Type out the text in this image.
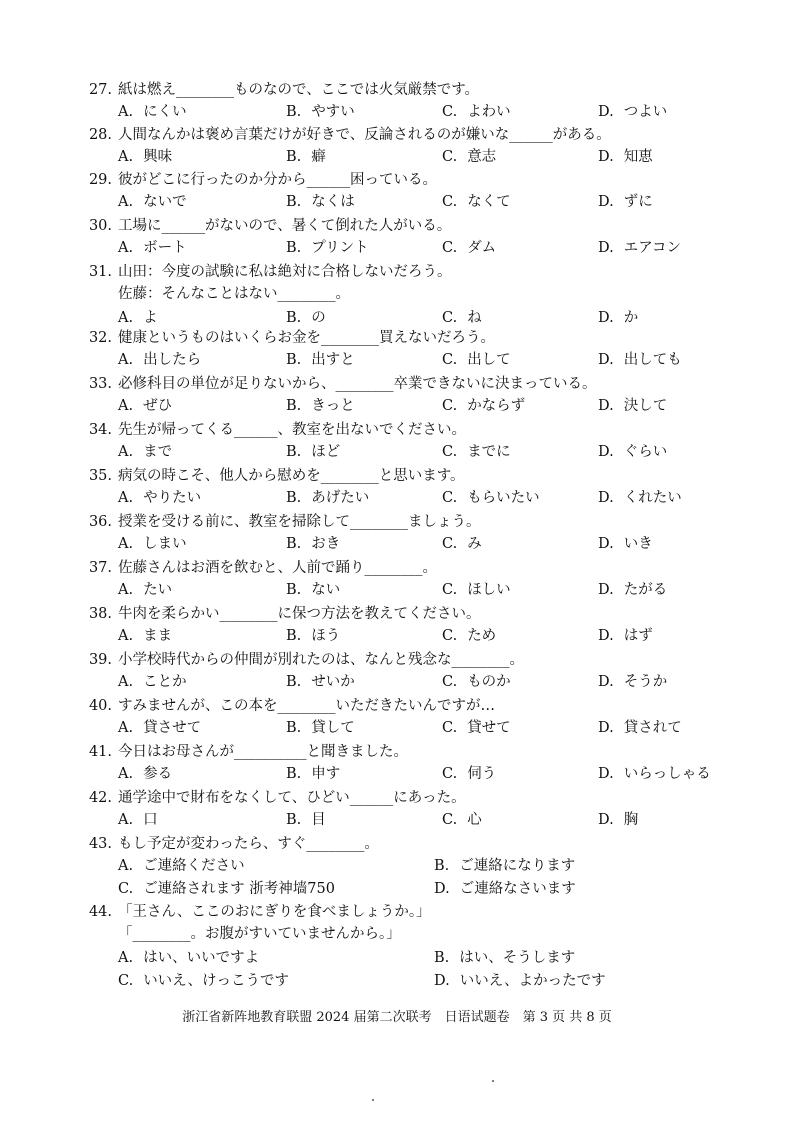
27. 紙は燃え________ものなので、ここでは火気厳禁です。
A. にくい	B. やすい	C. よわい	D. つよい
28. 人間なんかは褒め言葉だけが好きで、反論されるのが嫌いな______がある。
A. 興味	B. 癖	C. 意志	D. 知恵
29. 彼がどこに行ったのか分から______困っている。
A. ないで	B. なくは	C. なくて	D. ずに
30. 工場に______がないので、暑くて倒れた人がいる。
A. ボート	B. プリント	C. ダム	D. エアコン
31. 山田：今度の試験に私は絶対に合格しないだろう。
佐藤：そんなことはない________。
A. よ	B. の	C. ね	D. か
32. 健康というものはいくらお金を________買えないだろう。
A. 出したら	B. 出すと	C. 出して	D. 出しても
33. 必修科目の単位が足りないから、________卒業できないに決まっている。
A. ぜひ	B. きっと	C. かならず	D. 決して
34. 先生が帰ってくる______、教室を出ないでください。
A. まで	B. ほど	C. までに	D. ぐらい
35. 病気の時こそ、他人から慰めを________と思います。
A. やりたい	B. あげたい	C. もらいたい	D. くれたい
36. 授業を受ける前に、教室を掃除して________ましょう。
A. しまい	B. おき	C. み	D. いき
37. 佐藤さんはお酒を飲むと、人前で踊り________。
A. たい	B. ない	C. ほしい	D. たがる
38. 牛肉を柔らかい________に保つ方法を教えてください。
A. まま	B. ほう	C. ため	D. はず
39. 小学校時代からの仲間が別れたのは、なんと残念な________。
A. ことか	B. せいか	C. ものか	D. そうか
40. すみませんが、この本を________いただきたいんですが…
A. 貸させて	B. 貸して	C. 貸せて	D. 貸されて
41. 今日はお母さんが__________と聞きました。
A. 参る	B. 申す	C. 伺う	D. いらっしゃる
42. 通学途中で財布をなくして、ひどい______にあった。
A. 口	B. 目	C. 心	D. 胸
43. もし予定が変わったら、すぐ________。
A. ご連絡ください	B. ご連絡になります
C. ご連絡されます 浙考神墙750	D. ご連絡なさいます
44. 「王さん、ここのおにぎりを食べましょうか。」
「________。お腹がすいていませんから。」
A. はい、いいですよ	B. はい、そうします
C. いいえ、けっこうです	D. いいえ、よかったです
浙江省新阵地教育联盟 2024 届第二次联考　日语试题卷　第 3 页 共 8 页
